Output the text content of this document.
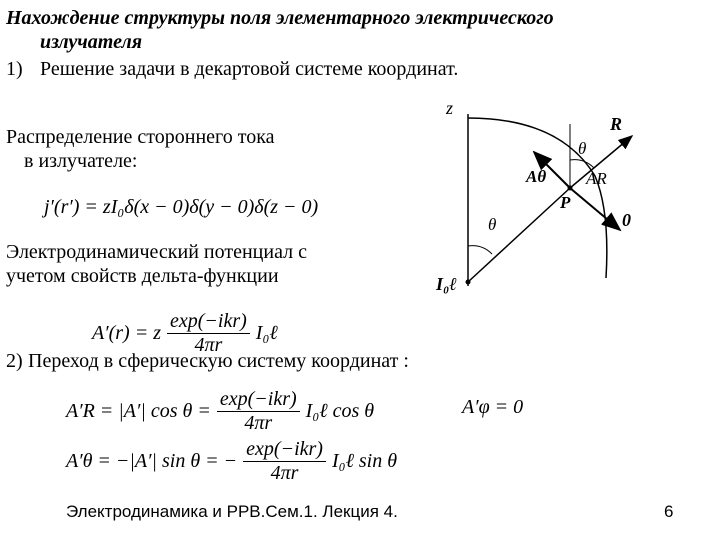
Нахождение структуры поля элементарного электрического
излучателя
1) Решение задачи в декартовой системе координат.
Распределение стороннего тока
в излучателе:
j′(r′) = zI₀δ(x − 0)δ(y − 0)δ(z − 0)
Электродинамический потенциал с
учетом свойств дельта-функции
A′(r) = z
exp(−ikr)
4πr
I₀ℓ
2) Переход в сферическую систему координат :
A′R = |A′| cos θ =
exp(−ikr)
4πr
I₀ℓ cos θ	A′φ = 0
A′θ = −|A′| sin θ = −
exp(−ikr)
4πr
I₀ℓ sin θ
z
R
θ
Aθ AR
P
0
θ
I₀ℓ
Электродинамика и РРВ.Сем.1. Лекция 4.	6
